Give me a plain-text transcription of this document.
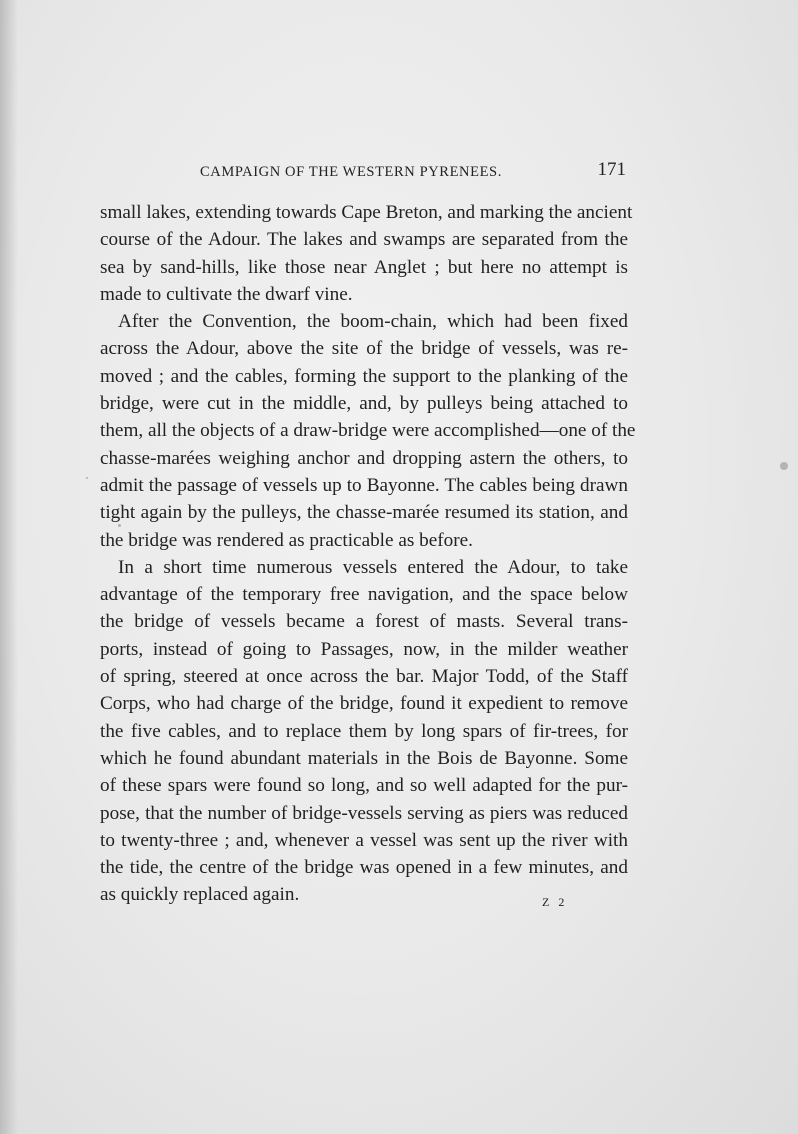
CAMPAIGN OF THE WESTERN PYRENEES.	171
small lakes, extending towards Cape Breton, and marking the ancient
course of the Adour. The lakes and swamps are separated from the
sea by sand-hills, like those near Anglet ; but here no attempt is
made to cultivate the dwarf vine.
After the Convention, the boom-chain, which had been fixed
across the Adour, above the site of the bridge of vessels, was re-
moved ; and the cables, forming the support to the planking of the
bridge, were cut in the middle, and, by pulleys being attached to
them, all the objects of a draw-bridge were accomplished—one of the
chasse-marées weighing anchor and dropping astern the others, to
admit the passage of vessels up to Bayonne. The cables being drawn
tight again by the pulleys, the chasse-marée resumed its station, and
the bridge was rendered as practicable as before.
In a short time numerous vessels entered the Adour, to take
advantage of the temporary free navigation, and the space below
the bridge of vessels became a forest of masts. Several trans-
ports, instead of going to Passages, now, in the milder weather
of spring, steered at once across the bar. Major Todd, of the Staff
Corps, who had charge of the bridge, found it expedient to remove
the five cables, and to replace them by long spars of fir-trees, for
which he found abundant materials in the Bois de Bayonne. Some
of these spars were found so long, and so well adapted for the pur-
pose, that the number of bridge-vessels serving as piers was reduced
to twenty-three ; and, whenever a vessel was sent up the river with
the tide, the centre of the bridge was opened in a few minutes, and
as quickly replaced again.	Z 2
